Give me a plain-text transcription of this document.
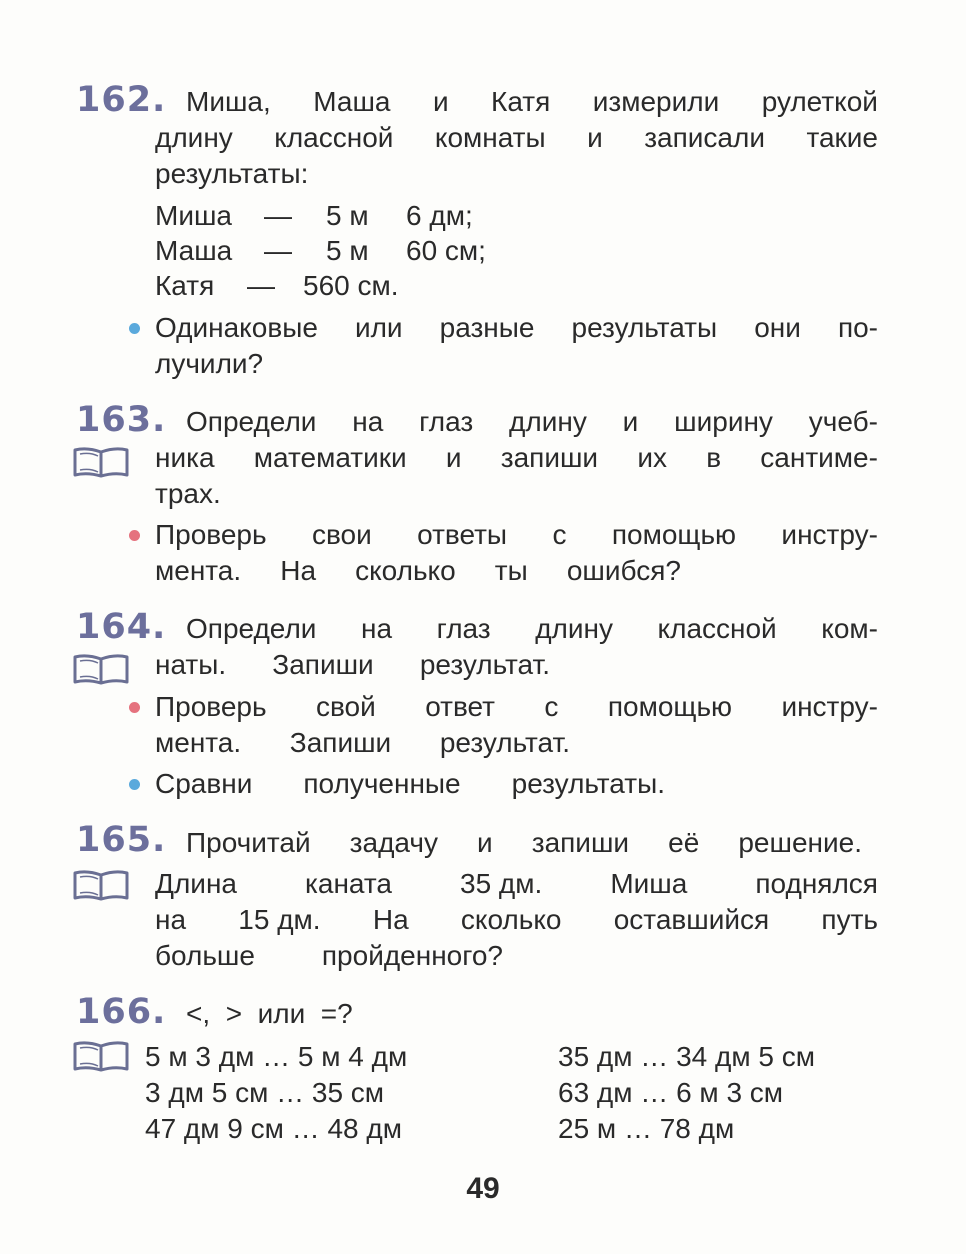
162. Миша, Маша и Катя измерили рулеткой
длину классной комнаты и записали такие
результаты:
Миша — 5 м 6 дм;
Маша — 5 м 60 см;
Катя — 560 см.
Одинаковые или разные результаты они по-
лучили?
163. Определи на глаз длину и ширину учеб-
ника математики и запиши их в сантиме-
трах.
Проверь свои ответы с помощью инстру-
мента. На сколько ты ошибся?
164. Определи на глаз длину классной ком-
наты. Запиши результат.
Проверь свой ответ с помощью инстру-
мента. Запиши результат.
Сравни полученные результаты.
165. Прочитай задачу и запиши её решение.
Длина каната 35 дм. Миша поднялся
на 15 дм. На сколько оставшийся путь
больше пройденного?
166. <,  >  или  =?
5 м 3 дм … 5 м 4 дм
3 дм 5 см … 35 см
47 дм 9 см … 48 дм
35 дм … 34 дм 5 см
63 дм … 6 м 3 см
25 м … 78 дм
49
